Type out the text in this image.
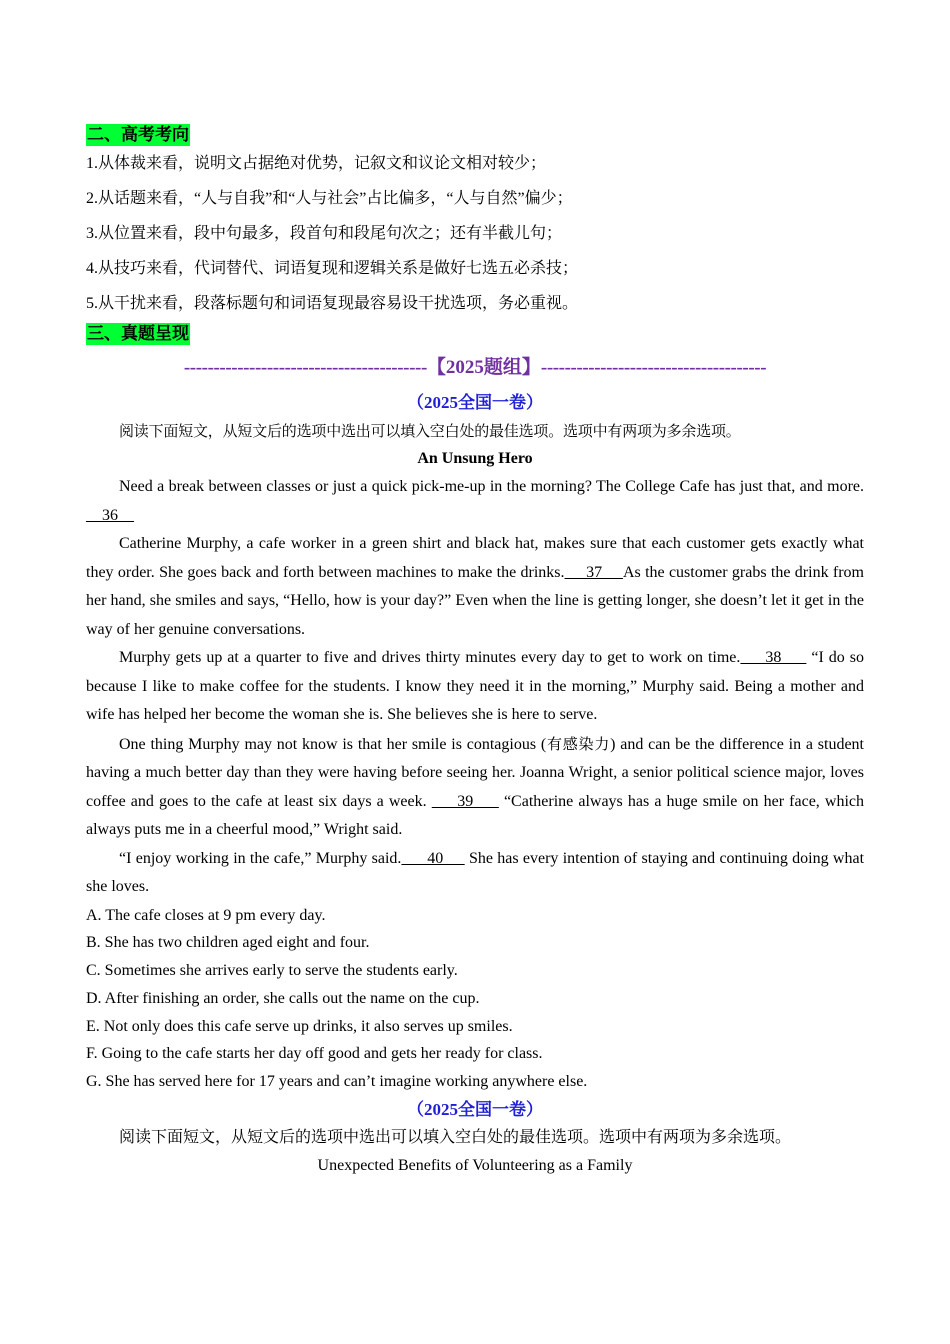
二、高考考向
1.从体裁来看，说明文占据绝对优势，记叙文和议论文相对较少；
2.从话题来看，“人与自我”和“人与社会”占比偏多，“人与自然”偏少；
3.从位置来看，段中句最多，段首句和段尾句次之；还有半截儿句；
4.从技巧来看，代词替代、词语复现和逻辑关系是做好七选五必杀技；
5.从干扰来看，段落标题句和词语复现最容易设干扰选项，务必重视。
三、真题呈现
-----------------------------------------【2025题组】--------------------------------------
（2025全国一卷）
阅读下面短文，从短文后的选项中选出可以填入空白处的最佳选项。选项中有两项为多余选项。
An Unsung Hero

Need a break between classes or just a quick pick-me-up in the morning? The College Cafe has just that, and more.     36

Catherine Murphy, a cafe worker in a green shirt and black hat, makes sure that each customer gets exactly what they order. She goes back and forth between machines to make the drinks.     37     As the customer grabs the drink from her hand, she smiles and says, “Hello, how is your day?” Even when the line is getting longer, she doesn’t let it get in the way of her genuine conversations.

Murphy gets up at a quarter to five and drives thirty minutes every day to get to work on time.     38      “I do so because I like to make coffee for the students. I know they need it in the morning,” Murphy said. Being a mother and wife has helped her become the woman she is. She believes she is here to serve.

One thing Murphy may not know is that her smile is contagious (有感染力) and can be the difference in a student having a much better day than they were having before seeing her. Joanna Wright, a senior political science major, loves coffee and goes to the cafe at least six days a week.      39      “Catherine always has a huge smile on her face, which always puts me in a cheerful mood,” Wright said.

“I enjoy working in the cafe,” Murphy said.      40      She has every intention of staying and continuing doing what she loves.

A. The cafe closes at 9 pm every day.

B. She has two children aged eight and four.

C. Sometimes she arrives early to serve the students early.

D. After finishing an order, she calls out the name on the cup.

E. Not only does this cafe serve up drinks, it also serves up smiles.

F. Going to the cafe starts her day off good and gets her ready for class.

G. She has served here for 17 years and can’t imagine working anywhere else.

（2025全国一卷）
阅读下面短文，从短文后的选项中选出可以填入空白处的最佳选项。选项中有两项为多余选项。
Unexpected Benefits of Volunteering as a Family
